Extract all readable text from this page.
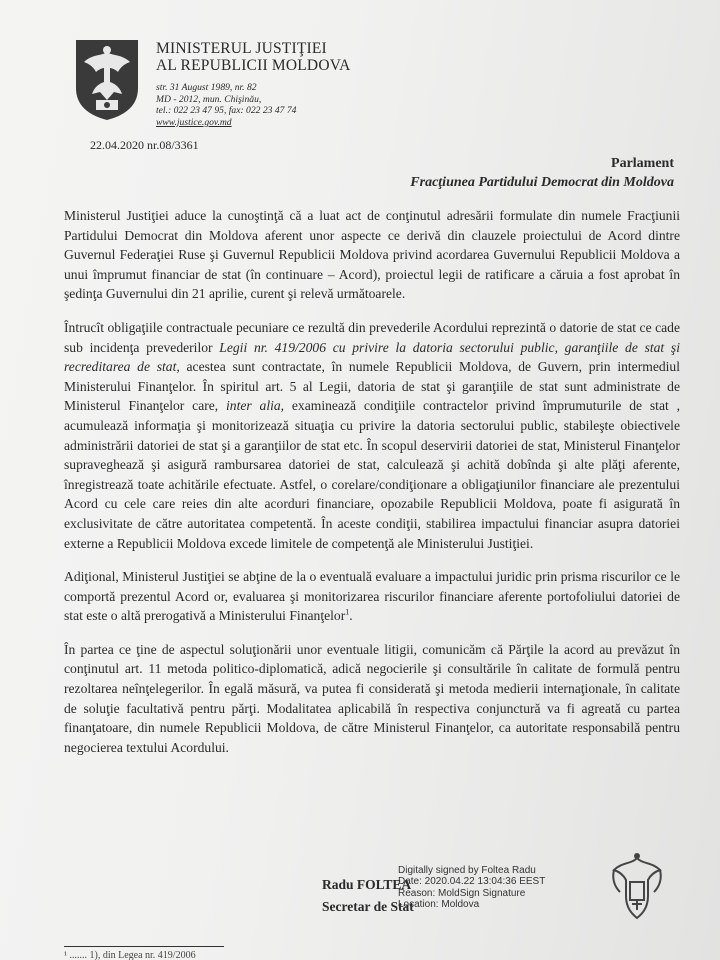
MINISTERUL JUSTIŢIEI
AL REPUBLICII MOLDOVA
str. 31 August 1989, nr. 82
MD - 2012, mun. Chişinău,
tel.: 022 23 47 95, fax: 022 23 47 74
www.justice.gov.md
22.04.2020 nr.08/3361
Parlament
Fracţiunea Partidului Democrat din Moldova

Ministerul Justiţiei aduce la cunoştinţă că a luat act de conţinutul adresării formulate din numele Fracţiunii Partidului Democrat din Moldova aferent unor aspecte ce derivă din clauzele proiectului de Acord dintre Guvernul Federaţiei Ruse şi Guvernul Republicii Moldova privind acordarea Guvernului Republicii Moldova a unui împrumut financiar de stat (în continuare – Acord), proiectul legii de ratificare a căruia a fost aprobat în şedinţa Guvernului din 21 aprilie, curent şi relevă următoarele.

Întrucît obligaţiile contractuale pecuniare ce rezultă din prevederile Acordului reprezintă o datorie de stat ce cade sub incidenţa prevederilor Legii nr. 419/2006 cu privire la datoria sectorului public, garanţiile de stat şi recreditarea de stat, acestea sunt contractate, în numele Republicii Moldova, de Guvern, prin intermediul Ministerului Finanţelor. În spiritul art. 5 al Legii, datoria de stat şi garanţiile de stat sunt administrate de Ministerul Finanţelor care, inter alia, examinează condiţiile contractelor privind împrumuturile de stat , acumulează informaţia şi monitorizează situaţia cu privire la datoria sectorului public, stabileşte obiectivele administrării datoriei de stat şi a garanţiilor de stat etc. În scopul deservirii datoriei de stat, Ministerul Finanţelor supraveghează şi asigură rambursarea datoriei de stat, calculează şi achită dobînda şi alte plăţi aferente, înregistrează toate achitările efectuate. Astfel, o corelare/condiţionare a obligaţiunilor financiare ale prezentului Acord cu cele care reies din alte acorduri financiare, opozabile Republicii Moldova, poate fi asigurată în exclusivitate de către autoritatea competentă. În aceste condiţii, stabilirea impactului financiar asupra datoriei externe a Republicii Moldova excede limitele de competenţă ale Ministerului Justiţiei.

Adiţional, Ministerul Justiţiei se abţine de la o eventuală evaluare a impactului juridic prin prisma riscurilor ce le comportă prezentul Acord or, evaluarea şi monitorizarea riscurilor financiare aferente portofoliului datoriei de stat este o altă prerogativă a Ministerului Finanţelor$^1$.

În partea ce ţine de aspectul soluţionării unor eventuale litigii, comunicăm că Părţile la acord au prevăzut în conţinutul art. 11 metoda politico-diplomatică, adică negocierile şi consultările în calitate de formulă pentru rezoltarea neînţelegerilor. În egală măsură, va putea fi considerată şi metoda medierii internaţionale, în calitate de soluţie facultativă pentru părţi. Modalitatea aplicabilă în respectiva conjunctură va fi agreată cu partea finanţatoare, din numele Republicii Moldova, de către Ministerul Finanţelor, ca autoritate responsabilă pentru negocierea textului Acordului.

Radu FOLTEA
Secretar de Stat
Digitally signed by Foltea Radu
Date: 2020.04.22 13:04:36 EEST
Reason: MoldSign Signature
Location: Moldova
¹ ....... 1), din Legea nr. 419/2006
